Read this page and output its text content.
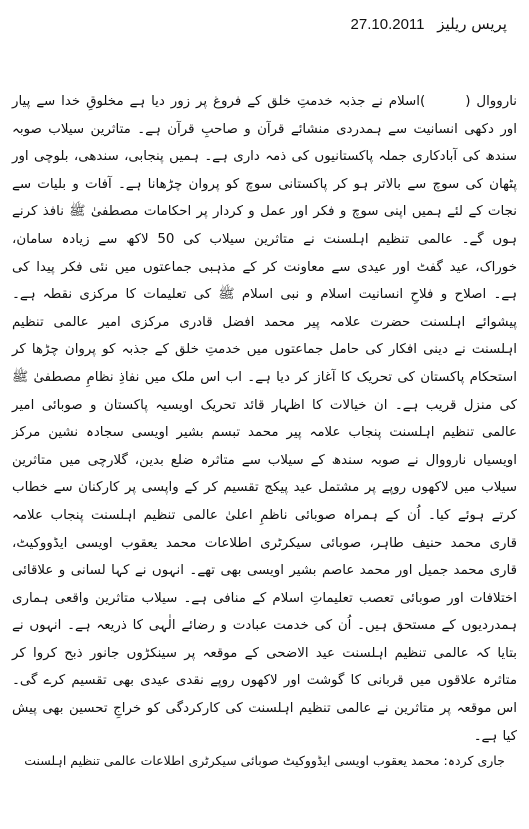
پریس ریلیز 27.10.2011
نارووال ()اسلام نے جذبہ خدمتِ خلق کے فروغ پر زور دیا ہے مخلوقِ خدا سے پیار اور دکھی انسانیت سے ہمدردی منشائے قرآن و صاحبِ قرآن ہے۔ متاثرین سیلاب صوبہ سندھ کی آبادکاری جملہ پاکستانیوں کی ذمہ داری ہے۔ ہمیں پنجابی، سندھی، بلوچی اور پٹھان کی سوچ سے بالاتر ہو کر پاکستانی سوچ کو پروان چڑھانا ہے۔ آفات و بلیات سے نجات کے لئے ہمیں اپنی سوچ و فکر اور عمل و کردار پر احکامات مصطفیٰ ﷺ نافذ کرنے ہوں گے۔ عالمی تنظیم اہلسنت نے متاثرین سیلاب کی 50 لاکھ سے زیادہ سامان، خوراک، عید گفٹ اور عیدی سے معاونت کر کے مذہبی جماعتوں میں نئی فکر پیدا کی ہے۔ اصلاح و فلاحِ انسانیت اسلام و نبی اسلام ﷺ کی تعلیمات کا مرکزی نقطہ ہے۔ پیشوائے اہلسنت حضرت علامہ پیر محمد افضل قادری مرکزی امیر عالمی تنظیم اہلسنت نے دینی افکار کی حامل جماعتوں میں خدمتِ خلق کے جذبہ کو پروان چڑھا کر استحکام پاکستان کی تحریک کا آغاز کر دیا ہے۔ اب اس ملک میں نفاذِ نظامِ مصطفیٰ ﷺ کی منزل قریب ہے۔ ان خیالات کا اظہار قائد تحریک اویسیہ پاکستان و صوبائی امیر عالمی تنظیم اہلسنت پنجاب علامہ پیر محمد تبسم بشیر اویسی سجادہ نشین مرکز اویسیاں نارووال نے صوبہ سندھ کے سیلاب سے متاثرہ ضلع بدین، گلارچی میں متاثرین سیلاب میں لاکھوں روپے پر مشتمل عید پیکج تقسیم کر کے واپسی پر کارکنان سے خطاب کرتے ہوئے کیا۔ اُن کے ہمراہ صوبائی ناظمِ اعلیٰ عالمی تنظیم اہلسنت پنجاب علامہ قاری محمد حنیف طاہر، صوبائی سیکرٹری اطلاعات محمد یعقوب اویسی ایڈووکیٹ، قاری محمد جمیل اور محمد عاصم بشیر اویسی بھی تھے۔ انہوں نے کہا لسانی و علاقائی اختلافات اور صوبائی تعصب تعلیماتِ اسلام کے منافی ہے۔ سیلاب متاثرین واقعی ہماری ہمدردیوں کے مستحق ہیں۔ اُن کی خدمت عبادت و رضائے الٰہی کا ذریعہ ہے۔ انہوں نے بتایا کہ عالمی تنظیم اہلسنت عید الاضحی کے موقعہ پر سینکڑوں جانور ذبح کروا کر متاثرہ علاقوں میں قربانی کا گوشت اور لاکھوں روپے نقدی عیدی بھی تقسیم کرے گی۔ اس موقعہ پر متاثرین نے عالمی تنظیم اہلسنت کی کارکردگی کو خراجِ تحسین بھی پیش کیا ہے۔
جاری کردہ: محمد یعقوب اویسی ایڈووکیٹ صوبائی سیکرٹری اطلاعات عالمی تنظیم اہلسنت
